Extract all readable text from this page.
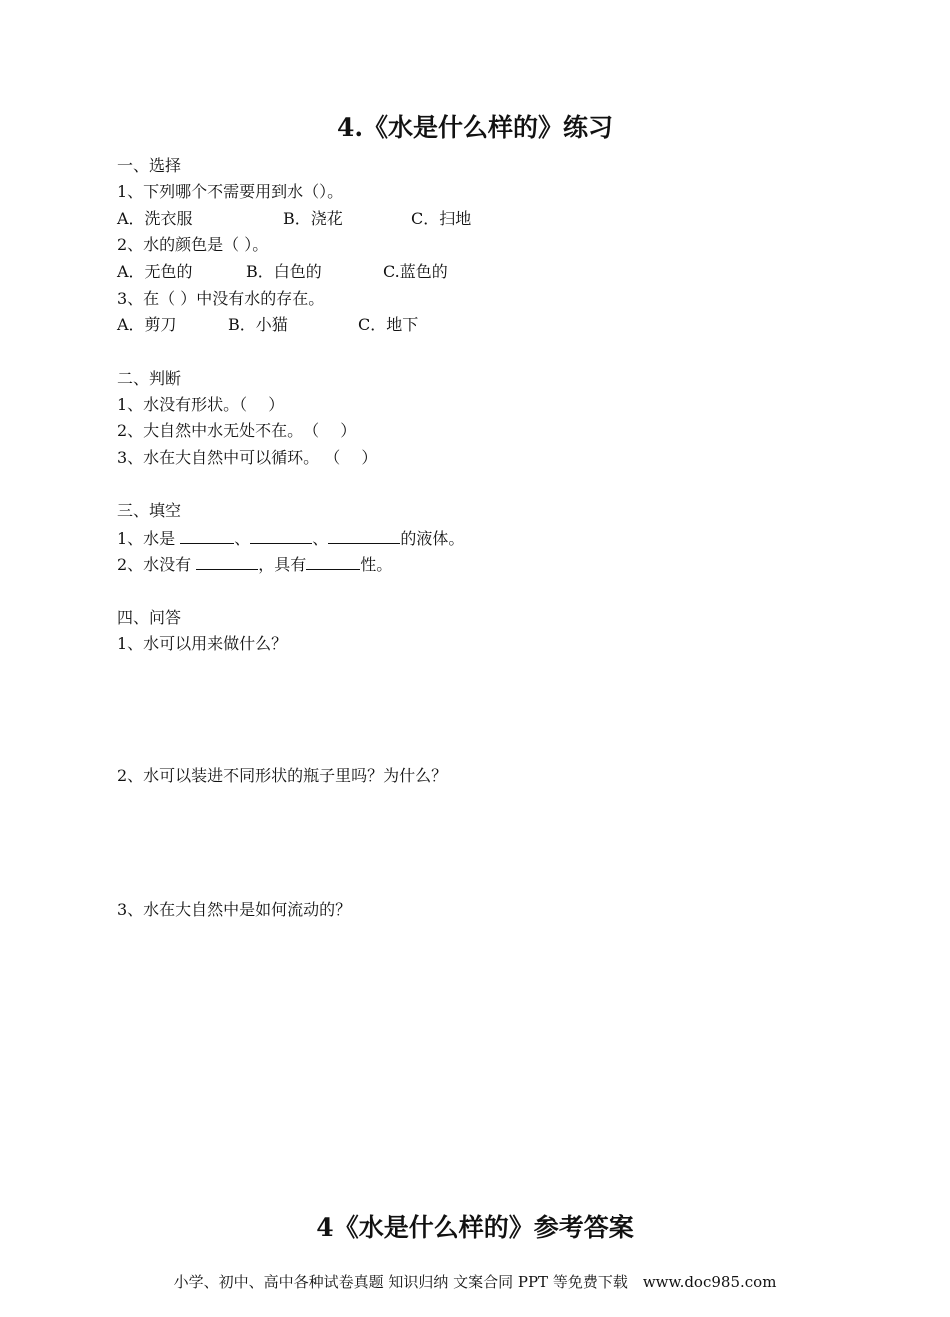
4.《水是什么样的》练习
一、选择
1、下列哪个不需要用到水（）。
A．洗衣服	B．浇花	C．扫地
2、水的颜色是（ ）。
A．无色的	B．白色的	C.蓝色的
3、在（ ）中没有水的存在。
A．剪刀	B．小猫	C．地下
二、判断
1、水没有形状。（　 ）
2、大自然中水无处不在。　（　 ）
3、水在大自然中可以循环。 （　 ）
三、填空
1、水是	、	、	的液体。
2、水没有	，具有	性。
四、问答
1、水可以用来做什么？
2、水可以装进不同形状的瓶子里吗？为什么？
3、水在大自然中是如何流动的？
4《水是什么样的》参考答案
小学、初中、高中各种试卷真题 知识归纳 文案合同 PPT 等免费下载　www.doc985.com
